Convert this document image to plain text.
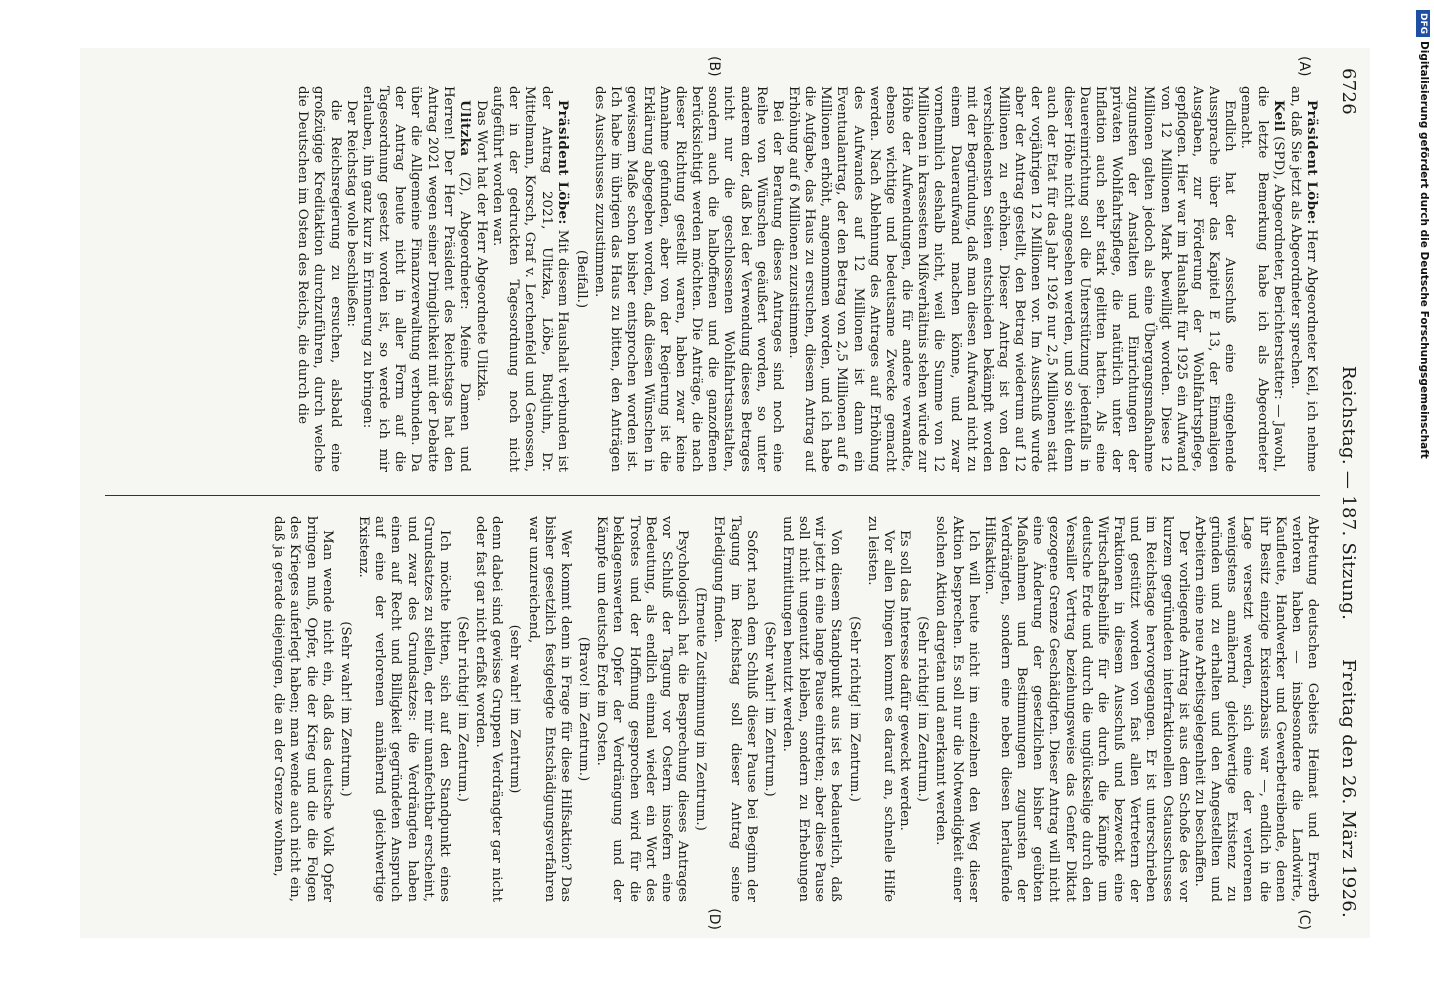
6726
Reichstag. — 187. Sitzung.
Freitag den 26. März 1926.
(A)
(B)
(C)
(D)

Präsident Löbe: Herr Abgeordneter Keil, ich nehme an, daß Sie jetzt als Abgeordneter sprechen.

Keil (SPD), Abgeordneter, Berichterstatter: — Jawohl, die letzte Bemerkung habe ich als Abgeordneter gemacht.

Endlich hat der Ausschuß eine eingehende Aussprache über das Kapitel E 13, der Einmaligen Ausgaben, zur Förderung der Wohlfahrtspflege, gepflogen. Hier war im Haushalt für 1925 ein Aufwand von 12 Millionen Mark bewilligt worden. Diese 12 Millionen galten jedoch als eine Übergangsmaßnahme zugunsten der Anstalten und Einrichtungen der privaten Wohlfahrtspflege, die natürlich unter der Inflation auch sehr stark gelitten hatten. Als eine Dauereinrichtung soll die Unterstützung jedenfalls in dieser Höhe nicht angesehen werden, und so sieht denn auch der Etat für das Jahr 1926 nur 2,5 Millionen statt der vorjährigen 12 Millionen vor. Im Ausschuß wurde aber der Antrag gestellt, den Betrag wiederum auf 12 Millionen zu erhöhen. Dieser Antrag ist von den verschiedensten Seiten entschieden bekämpft worden mit der Begründung, daß man diesen Aufwand nicht zu einem Daueraufwand machen könne, und zwar vornehmlich deshalb nicht, weil die Summe von 12 Millionen in krassestem Mißverhältnis stehen würde zur Höhe der Aufwendungen, die für andere verwandte, ebenso wichtige und bedeutsame Zwecke gemacht werden. Nach Ablehnung des Antrages auf Erhöhung des Aufwandes auf 12 Millionen ist dann ein Eventualantrag, der den Betrag von 2,5 Millionen auf 6 Millionen erhöht, angenommen worden, und ich habe die Aufgabe, das Haus zu ersuchen, diesem Antrag auf Erhöhung auf 6 Millionen zuzustimmen.

Bei der Beratung dieses Antrages sind noch eine Reihe von Wünschen geäußert worden, so unter anderem der, daß bei der Verwendung dieses Betrages nicht nur die geschlossenen Wohlfahrtsanstalten, sondern auch die halboffenen und die ganzoffenen berücksichtigt werden möchten. Die Anträge, die nach dieser Richtung gestellt waren, haben zwar keine Annahme gefunden, aber von der Regierung ist die Erklärung abgegeben worden, daß diesen Wünschen in gewissem Maße schon bisher entsprochen worden ist. Ich habe im übrigen das Haus zu bitten, den Anträgen des Ausschusses zuzustimmen.

(Beifall.)

Präsident Löbe: Mit diesem Haushalt verbunden ist der Antrag 2021, Ulitzka, Löbe, Budjuhn, Dr. Mittelmann, Korsch, Graf v. Lerchenfeld und Genossen, der in der gedruckten Tagesordnung noch nicht aufgeführt worden war.

Das Wort hat der Herr Abgeordnete Ulitzka.

Ulitzka (Z), Abgeordneter: Meine Damen und Herren! Der Herr Präsident des Reichstags hat den Antrag 2021 wegen seiner Dringlichkeit mit der Debatte über die Allgemeine Finanzverwaltung verbunden. Da der Antrag heute nicht in aller Form auf die Tagesordnung gesetzt worden ist, so werde ich mir erlauben, ihn ganz kurz in Erinnerung zu bringen:

Der Reichstag wolle beschließen:

die Reichsregierung zu ersuchen, alsbald eine großzügige Kreditaktion durchzuführen, durch welche die Deutschen im Osten des Reichs, die durch die

Abtretung deutschen Gebiets Heimat und Erwerb verloren haben — insbesondere die Landwirte, Kaufleute, Handwerker und Gewerbetreibende, denen ihr Besitz einzige Existenzbasis war —, endlich in die Lage versetzt werden, sich eine der verlorenen wenigstens annähernd gleichwertige Existenz zu gründen und zu erhalten und den Angestellten und Arbeitern eine neue Arbeitsgelegenheit zu beschaffen.

Der vorliegende Antrag ist aus dem Schoße des vor kurzem gegründeten interfraktionellen Ostausschusses im Reichstage hervorgegangen. Er ist unterschrieben und gestützt worden von fast allen Vertretern der Fraktionen in diesem Ausschuß und bezweckt eine Wirtschaftsbeihilfe für die durch die Kämpfe um deutsche Erde und durch die unglückselige durch den Versailler Vertrag beziehungsweise das Genfer Diktat gezogene Grenze Geschädigten. Dieser Antrag will nicht eine Änderung der gesetzlichen bisher geübten Maßnahmen und Bestimmungen zugunsten der Verdrängten, sondern eine neben diesen herlaufende Hilfsaktion.

Ich will heute nicht im einzelnen den Weg dieser Aktion besprechen. Es soll nur die Notwendigkeit einer solchen Aktion dargetan und anerkannt werden.

(Sehr richtig! im Zentrum.)

Es soll das Interesse dafür geweckt werden.

Vor allen Dingen kommt es darauf an, schnelle Hilfe zu leisten.

(Sehr richtig! im Zentrum.)

Von diesem Standpunkt aus ist es bedauerlich, daß wir jetzt in eine lange Pause eintreten; aber diese Pause soll nicht ungenutzt bleiben, sondern zu Erhebungen und Ermittlungen benutzt werden.

(Sehr wahr! im Zentrum.)

Sofort nach dem Schluß dieser Pause bei Beginn der Tagung im Reichstag soll dieser Antrag seine Erledigung finden.

(Erneute Zustimmung im Zentrum.)

Psychologisch hat die Besprechung dieses Antrages vor Schluß der Tagung vor Ostern insofern eine Bedeutung, als endlich einmal wieder ein Wort des Trostes und der Hoffnung gesprochen wird für die beklagenswerten Opfer der Verdrängung und der Kämpfe um deutsche Erde im Osten.

(Bravo! im Zentrum.)

Wer kommt denn in Frage für diese Hilfsaktion? Das bisher gesetzlich festgelegte Entschädigungsverfahren war unzureichend,

(sehr wahr! im Zentrum)

denn dabei sind gewisse Gruppen Verdrängter gar nicht oder fast gar nicht erfaßt worden.

(Sehr richtig! im Zentrum.)

Ich möchte bitten, sich auf den Standpunkt eines Grundsatzes zu stellen, der mir unanfechtbar erscheint, und zwar des Grundsatzes: die Verdrängten haben einen auf Recht und Billigkeit gegründeten Anspruch auf eine der verlorenen annähernd gleichwertige Existenz.

(Sehr wahr! im Zentrum.)

Man wende nicht ein, daß das deutsche Volk Opfer bringen muß, Opfer, die der Krieg und die die Folgen des Krieges auferlegt haben; man wende auch nicht ein, daß ja gerade diejenigen, die an der Grenze wohnen,

DFGDigitalisierung gefördert durch die Deutsche Forschungsgemeinschaft
